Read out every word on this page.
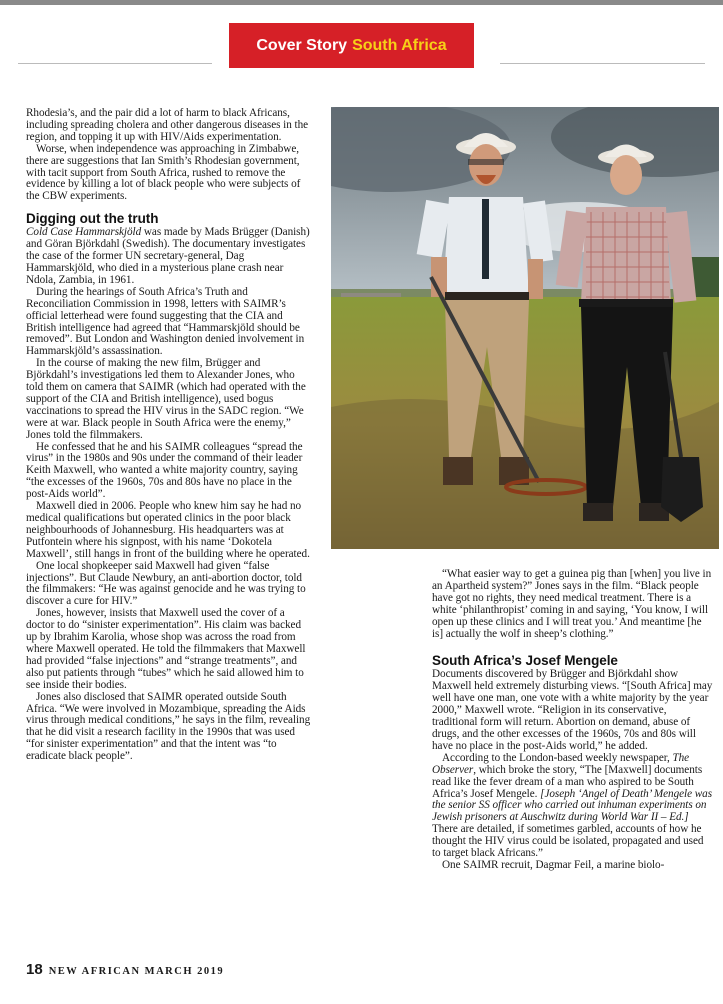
Cover Story South Africa

Rhodesia’s, and the pair did a lot of harm to black Africans, including spreading cholera and other dangerous diseases in the region, and topping it up with HIV/Aids experimentation.

Worse, when independence was approaching in Zimbabwe, there are suggestions that Ian Smith’s Rhodesian government, with tacit support from South Africa, rushed to remove the evidence by killing a lot of black people who were subjects of the CBW experiments.

Digging out the truth

Cold Case Hammarskjöld was made by Mads Brügger (Danish) and Göran Björkdahl (Swedish). The documentary investigates the case of the former UN secretary-general, Dag Hammarskjöld, who died in a mysterious plane crash near Ndola, Zambia, in 1961.

During the hearings of South Africa’s Truth and Reconciliation Commission in 1998, letters with SAIMR’s official letterhead were found suggesting that the CIA and British intelligence had agreed that “Hammarskjöld should be removed”. But London and Washington denied involvement in Hammarskjöld’s assassination.

In the course of making the new film, Brügger and Björkdahl’s investigations led them to Alexander Jones, who told them on camera that SAIMR (which had operated with the support of the CIA and British intelligence), used bogus vaccinations to spread the HIV virus in the SADC region. “We were at war. Black people in South Africa were the enemy,” Jones told the filmmakers.

He confessed that he and his SAIMR colleagues “spread the virus” in the 1980s and 90s under the command of their leader Keith Maxwell, who wanted a white majority country, saying “the excesses of the 1960s, 70s and 80s have no place in the post-Aids world”.

Maxwell died in 2006. People who knew him say he had no medical qualifications but operated clinics in the poor black neighbourhoods of Johannesburg. His headquarters was at Putfontein where his signpost, with his name ‘Dokotela Maxwell’, still hangs in front of the building where he operated.

One local shopkeeper said Maxwell had given “false injections”. But Claude Newbury, an anti-abortion doctor, told the filmmakers: “He was against genocide and he was trying to discover a cure for HIV.”

Jones, however, insists that Maxwell used the cover of a doctor to do “sinister experimentation”. His claim was backed up by Ibrahim Karolia, whose shop was across the road from where Maxwell operated. He told the filmmakers that Maxwell had provided “false injections” and “strange treatments”, and also put patients through “tubes” which he said allowed him to see inside their bodies.

Jones also disclosed that SAIMR operated outside South Africa. “We were involved in Mozambique, spreading the Aids virus through medical conditions,” he says in the film, revealing that he did visit a research facility in the 1990s that was used “for sinister experimentation” and that the intent was “to eradicate black people”.

“What easier way to get a guinea pig than [when] you live in an Apartheid system?” Jones says in the film. “Black people have got no rights, they need medical treatment. There is a white ‘philanthropist’ coming in and saying, ‘You know, I will open up these clinics and I will treat you.’ And meantime [he is] actually the wolf in sheep’s clothing.”

South Africa’s Josef Mengele

Documents discovered by Brügger and Björkdahl show Maxwell held extremely disturbing views. “[South Africa] may well have one man, one vote with a white majority by the year 2000,” Maxwell wrote. “Religion in its conservative, traditional form will return. Abortion on demand, abuse of drugs, and the other excesses of the 1960s, 70s and 80s will have no place in the post-Aids world,” he added.

According to the London-based weekly newspaper, The Observer, which broke the story, “The [Maxwell] documents read like the fever dream of a man who aspired to be South Africa’s Josef Mengele. [Joseph ‘Angel of Death’ Mengele was the senior SS officer who carried out inhuman experiments on Jewish prisoners at Auschwitz during World War II – Ed.] There are detailed, if sometimes garbled, accounts of how he thought the HIV virus could be isolated, propagated and used to target black Africans.”

One SAIMR recruit, Dagmar Feil, a marine biolo-

18 NEW AFRICAN
MARCH 2019
